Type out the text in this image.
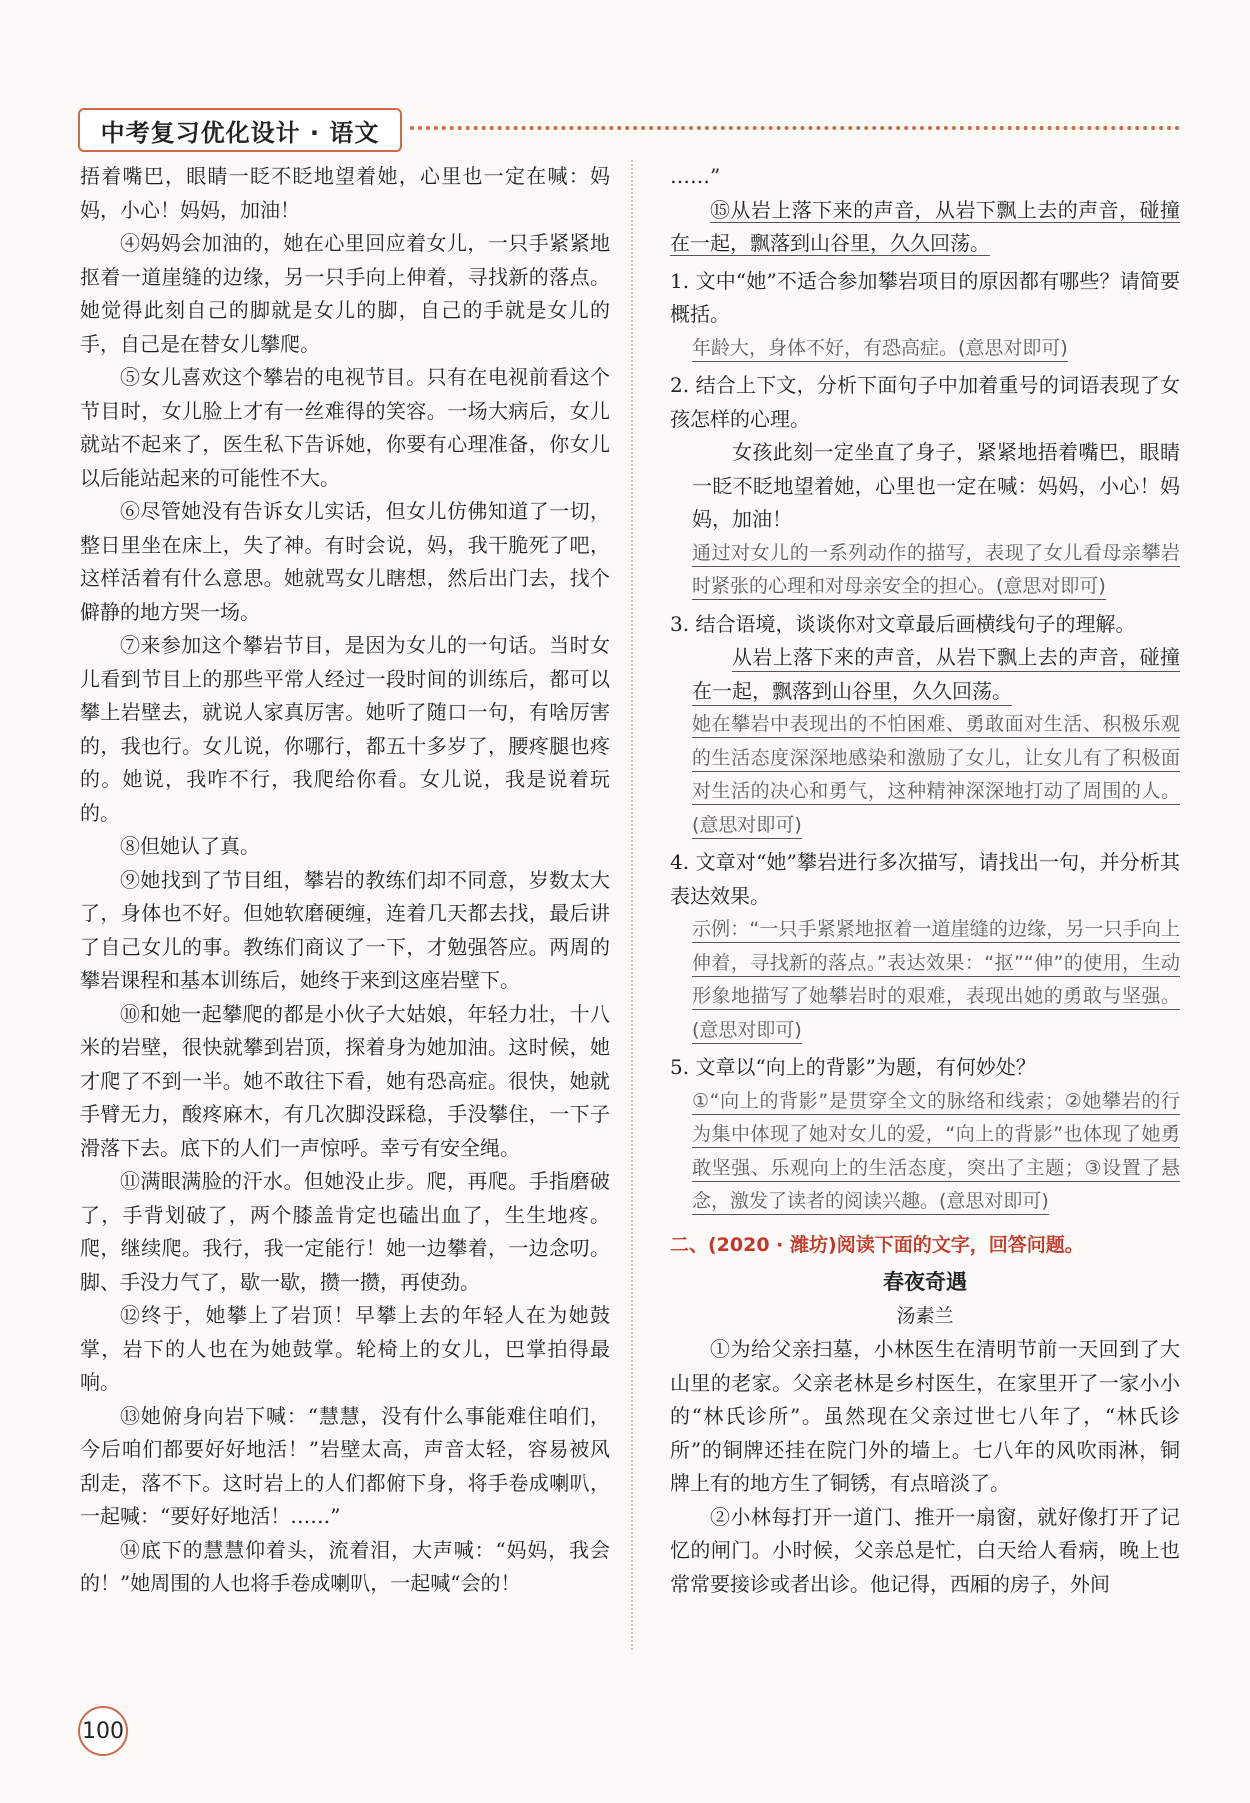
中考复习优化设计 · 语文

捂着嘴巴，眼睛一眨不眨地望着她，心里也一定在喊：妈妈，小心！妈妈，加油！

④妈妈会加油的，她在心里回应着女儿，一只手紧紧地抠着一道崖缝的边缘，另一只手向上伸着，寻找新的落点。她觉得此刻自己的脚就是女儿的脚，自己的手就是女儿的手，自己是在替女儿攀爬。

⑤女儿喜欢这个攀岩的电视节目。只有在电视前看这个节目时，女儿脸上才有一丝难得的笑容。一场大病后，女儿就站不起来了，医生私下告诉她，你要有心理准备，你女儿以后能站起来的可能性不大。

⑥尽管她没有告诉女儿实话，但女儿仿佛知道了一切，整日里坐在床上，失了神。有时会说，妈，我干脆死了吧，这样活着有什么意思。她就骂女儿瞎想，然后出门去，找个僻静的地方哭一场。

⑦来参加这个攀岩节目，是因为女儿的一句话。当时女儿看到节目上的那些平常人经过一段时间的训练后，都可以攀上岩壁去，就说人家真厉害。她听了随口一句，有啥厉害的，我也行。女儿说，你哪行，都五十多岁了，腰疼腿也疼的。她说，我咋不行，我爬给你看。女儿说，我是说着玩的。

⑧但她认了真。

⑨她找到了节目组，攀岩的教练们却不同意，岁数太大了，身体也不好。但她软磨硬缠，连着几天都去找，最后讲了自己女儿的事。教练们商议了一下，才勉强答应。两周的攀岩课程和基本训练后，她终于来到这座岩壁下。

⑩和她一起攀爬的都是小伙子大姑娘，年轻力壮，十八米的岩壁，很快就攀到岩顶，探着身为她加油。这时候，她才爬了不到一半。她不敢往下看，她有恐高症。很快，她就手臂无力，酸疼麻木，有几次脚没踩稳，手没攀住，一下子滑落下去。底下的人们一声惊呼。幸亏有安全绳。

⑪满眼满脸的汗水。但她没止步。爬，再爬。手指磨破了，手背划破了，两个膝盖肯定也磕出血了，生生地疼。爬，继续爬。我行，我一定能行！她一边攀着，一边念叨。脚、手没力气了，歇一歇，攒一攒，再使劲。

⑫终于，她攀上了岩顶！早攀上去的年轻人在为她鼓掌，岩下的人也在为她鼓掌。轮椅上的女儿，巴掌拍得最响。

⑬她俯身向岩下喊：“慧慧，没有什么事能难住咱们，今后咱们都要好好地活！”岩壁太高，声音太轻，容易被风刮走，落不下。这时岩上的人们都俯下身，将手卷成喇叭，一起喊：“要好好地活！……”

⑭底下的慧慧仰着头，流着泪，大声喊：“妈妈，我会的！”她周围的人也将手卷成喇叭，一起喊“会的！

……”

⑮从岩上落下来的声音，从岩下飘上去的声音，碰撞在一起，飘落到山谷里，久久回荡。

1. 文中“她”不适合参加攀岩项目的原因都有哪些？请简要概括。

年龄大，身体不好，有恐高症。(意思对即可)

2. 结合上下文，分析下面句子中加着重号的词语表现了女孩怎样的心理。

女孩此刻一定坐直了身子，紧紧地捂着嘴巴，眼睛一眨不眨地望着她，心里也一定在喊：妈妈，小心！妈妈，加油！

通过对女儿的一系列动作的描写，表现了女儿看母亲攀岩时紧张的心理和对母亲安全的担心。(意思对即可)

3. 结合语境，谈谈你对文章最后画横线句子的理解。

从岩上落下来的声音，从岩下飘上去的声音，碰撞在一起，飘落到山谷里，久久回荡。

她在攀岩中表现出的不怕困难、勇敢面对生活、积极乐观的生活态度深深地感染和激励了女儿，让女儿有了积极面对生活的决心和勇气，这种精神深深地打动了周围的人。(意思对即可)

4. 文章对“她”攀岩进行多次描写，请找出一句，并分析其表达效果。

示例：“一只手紧紧地抠着一道崖缝的边缘，另一只手向上伸着，寻找新的落点。”表达效果：“抠”“伸”的使用，生动形象地描写了她攀岩时的艰难，表现出她的勇敢与坚强。(意思对即可)

5. 文章以“向上的背影”为题，有何妙处？

①“向上的背影”是贯穿全文的脉络和线索；②她攀岩的行为集中体现了她对女儿的爱，“向上的背影”也体现了她勇敢坚强、乐观向上的生活态度，突出了主题；③设置了悬念，激发了读者的阅读兴趣。(意思对即可)

二、(2020 · 潍坊)阅读下面的文字，回答问题。

春夜奇遇

汤素兰

①为给父亲扫墓，小林医生在清明节前一天回到了大山里的老家。父亲老林是乡村医生，在家里开了一家小小的“林氏诊所”。虽然现在父亲过世七八年了，“林氏诊所”的铜牌还挂在院门外的墙上。七八年的风吹雨淋，铜牌上有的地方生了铜锈，有点暗淡了。

②小林每打开一道门、推开一扇窗，就好像打开了记忆的闸门。小时候，父亲总是忙，白天给人看病，晚上也常常要接诊或者出诊。他记得，西厢的房子，外间

100
